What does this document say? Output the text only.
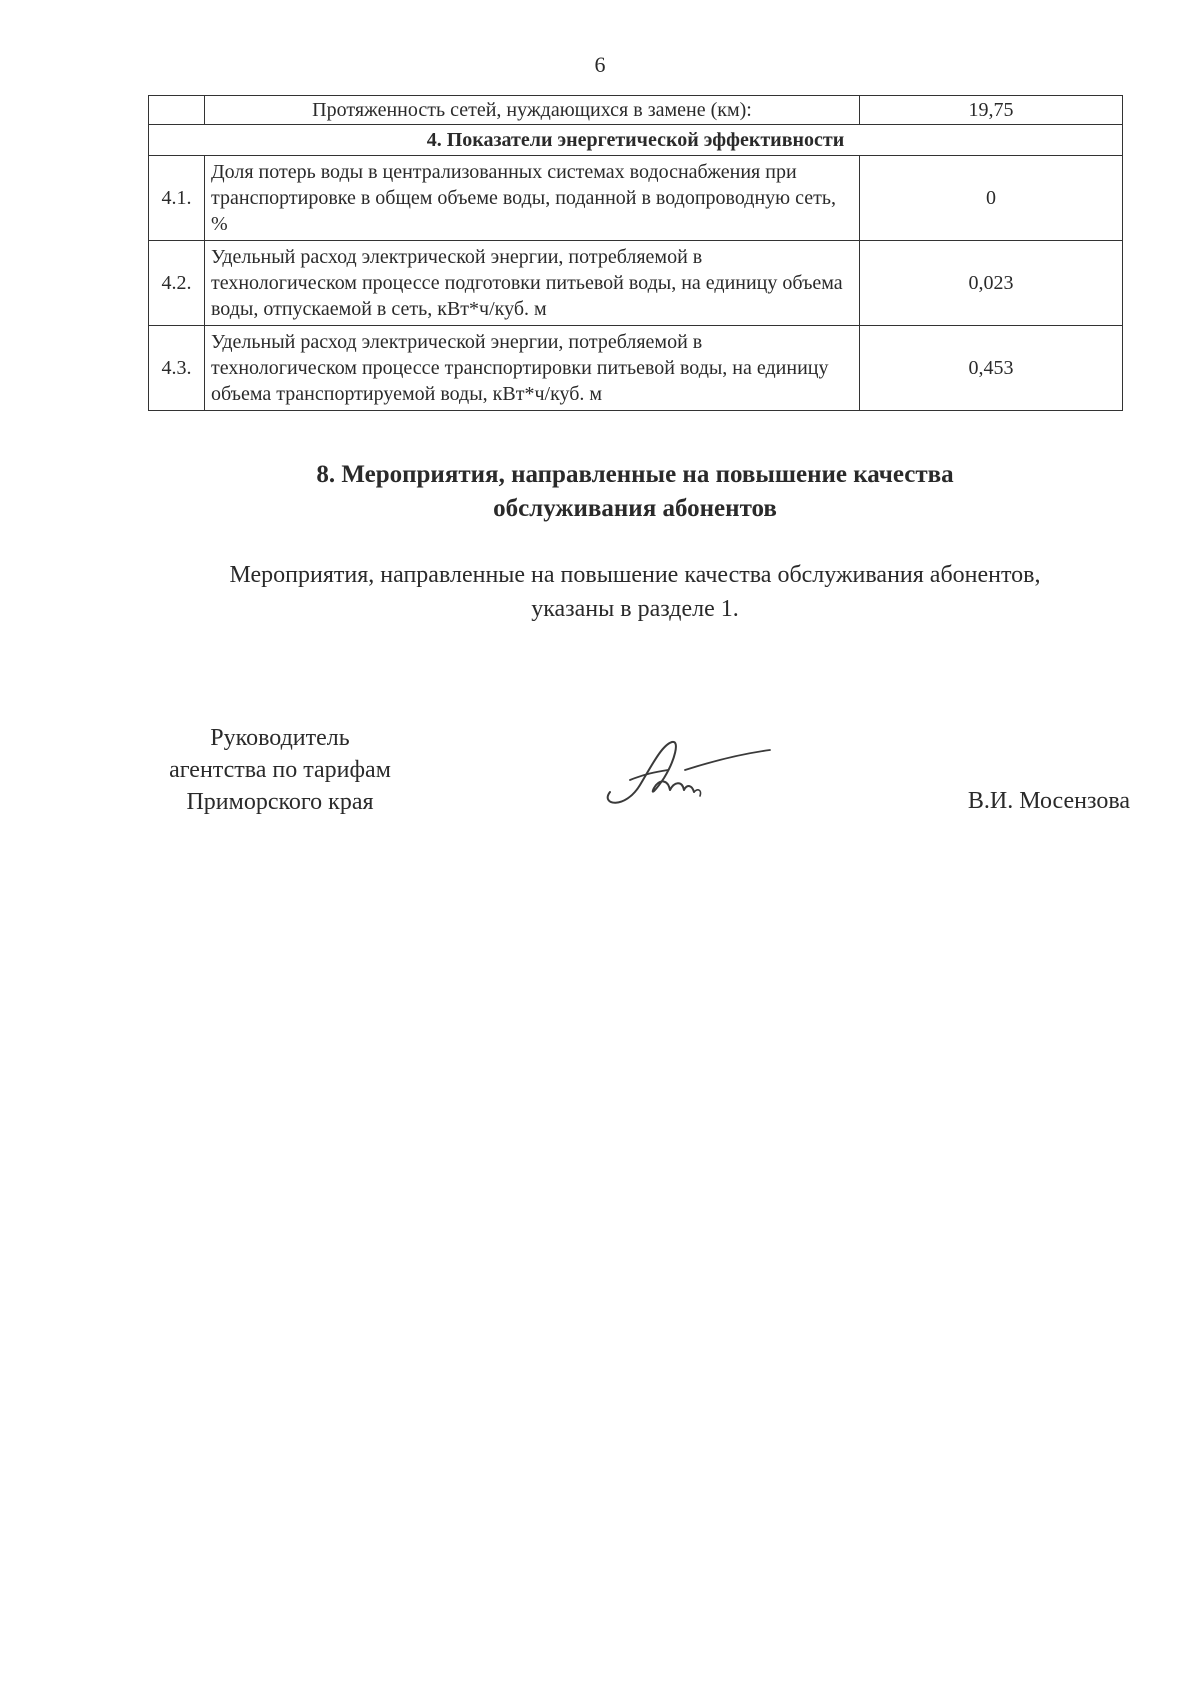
6
	Протяженность сетей, нуждающихся в замене (км):	19,75
4. Показатели энергетической эффективности		
4.1.	Доля потерь воды в централизованных системах водоснабжения при транспортировке в общем объеме воды, поданной в водопроводную сеть, %	0
4.2.	Удельный расход электрической энергии, потребляемой в технологическом процессе подготовки питьевой воды, на единицу объема воды, отпускаемой в сеть, кВт*ч/куб. м	0,023
4.3.	Удельный расход электрической энергии, потребляемой в технологическом процессе транспортировки питьевой воды, на единицу объема транспортируемой воды, кВт*ч/куб. м	0,453
8. Мероприятия, направленные на повышение качества
обслуживания абонентов
Мероприятия, направленные на повышение качества обслуживания абонентов,
указаны в разделе 1.
Руководитель
агентства по тарифам
Приморского края	В.И. Мосензова
